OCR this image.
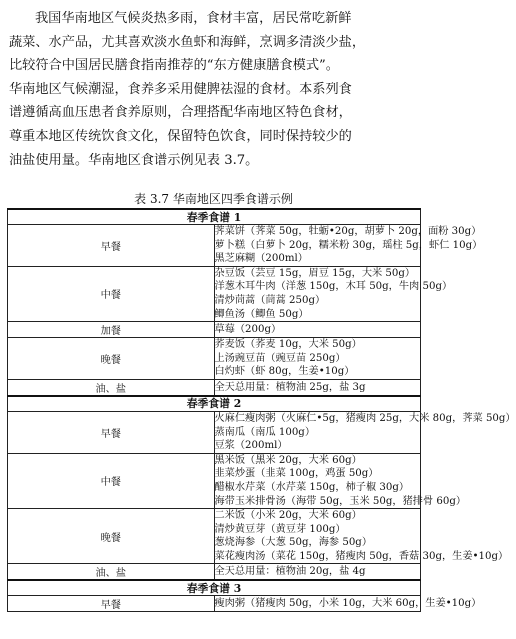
我国华南地区气候炎热多雨，食材丰富，居民常吃新鲜
蔬菜、水产品，尤其喜欢淡水鱼虾和海鲜，烹调多清淡少盐，
比较符合中国居民膳食指南推荐的“东方健康膳食模式”。
华南地区气候潮湿，食养多采用健脾祛湿的食材。本系列食
谱遵循高血压患者食养原则，合理搭配华南地区特色食材，
尊重本地区传统饮食文化，保留特色饮食，同时保持较少的
油盐使用量。华南地区食谱示例见表 3.7。
表 3.7 华南地区四季食谱示例
春季食谱 1	
早餐	荠菜饼（荠菜 50g，牡蛎•20g，胡萝卜 20g，面粉 30g）
萝卜糕（白萝卜 20g，糯米粉 30g，瑶柱 5g，虾仁 10g）
黑芝麻糊（200ml）

中餐	杂豆饭（芸豆 15g，眉豆 15g，大米 50g）
洋葱木耳牛肉（洋葱 150g，木耳 50g，牛肉 50g）
清炒茼蒿（茼蒿 250g）
鲫鱼汤（鲫鱼 50g）

加餐	草莓（200g）

晚餐	荞麦饭（荞麦 10g，大米 50g）
上汤豌豆苗（豌豆苗 250g）
白灼虾（虾 80g，生姜•10g）

油、盐	全天总用量：植物油 25g，盐 3g

春季食谱 2	
早餐	火麻仁瘦肉粥（火麻仁•5g，猪瘦肉 25g，大米 80g，荠菜 50g）
蒸南瓜（南瓜 100g）
豆浆（200ml）

中餐	黑米饭（黑米 20g，大米 60g）
韭菜炒蛋（韭菜 100g，鸡蛋 50g）
醋椒水芹菜（水芹菜 150g，柿子椒 30g）
海带玉米排骨汤（海带 50g，玉米 50g，猪排骨 60g）

晚餐	二米饭（小米 20g，大米 60g）
清炒黄豆芽（黄豆芽 100g）
葱烧海参（大葱 50g，海参 50g）
菜花瘦肉汤（菜花 150g，猪瘦肉 50g，香菇 30g，生姜•10g）

油、盐	全天总用量：植物油 20g，盐 4g

春季食谱 3	
早餐	瘦肉粥（猪瘦肉 50g，小米 10g，大米 60g，生姜•10g）
